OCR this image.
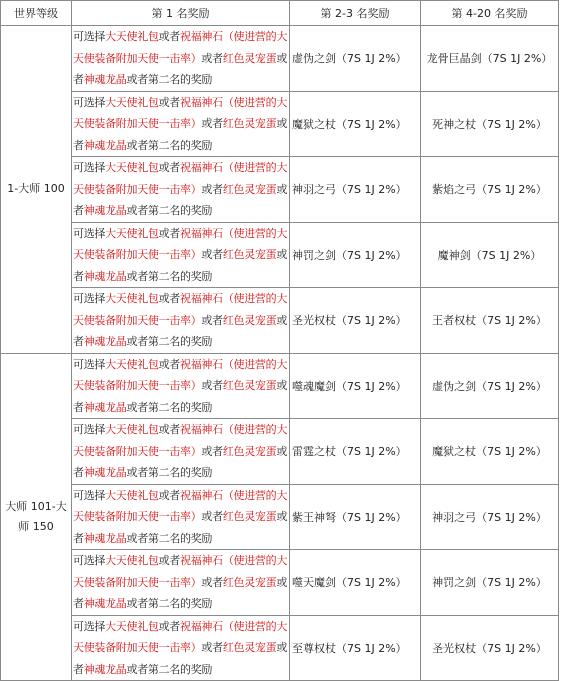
世界等级	第 1 名奖励	第 2-3 名奖励	第 4-20 名奖励
1-大师 100	可选择大天使礼包或者祝福神石（使进营的大天使装备附加天使一击率）或者红色灵宠蛋或者神魂龙晶或者第二名的奖励	虚伪之剑（7S 1J 2%）	龙骨巨晶剑（7S 1J 2%）
	可选择大天使礼包或者祝福神石（使进营的大天使装备附加天使一击率）或者红色灵宠蛋或者神魂龙晶或者第二名的奖励	魔狱之杖（7S 1J 2%）	死神之杖（7S 1J 2%）
	可选择大天使礼包或者祝福神石（使进营的大天使装备附加天使一击率）或者红色灵宠蛋或者神魂龙晶或者第二名的奖励	神羽之弓（7S 1J 2%）	紫焰之弓（7S 1J 2%）
	可选择大天使礼包或者祝福神石（使进营的大天使装备附加天使一击率）或者红色灵宠蛋或者神魂龙晶或者第二名的奖励	神罚之剑（7S 1J 2%）	魔神剑（7S 1J 2%）
	可选择大天使礼包或者祝福神石（使进营的大天使装备附加天使一击率）或者红色灵宠蛋或者神魂龙晶或者第二名的奖励	圣光权杖（7S 1J 2%）	王者权杖（7S 1J 2%）
大师 101-大师 150	可选择大天使礼包或者祝福神石（使进营的大天使装备附加天使一击率）或者红色灵宠蛋或者神魂龙晶或者第二名的奖励	噬魂魔剑（7S 1J 2%）	虚伪之剑（7S 1J 2%）
	可选择大天使礼包或者祝福神石（使进营的大天使装备附加天使一击率）或者红色灵宠蛋或者神魂龙晶或者第二名的奖励	雷霆之杖（7S 1J 2%）	魔狱之杖（7S 1J 2%）
	可选择大天使礼包或者祝福神石（使进营的大天使装备附加天使一击率）或者红色灵宠蛋或者神魂龙晶或者第二名的奖励	紫王神弩（7S 1J 2%）	神羽之弓（7S 1J 2%）
	可选择大天使礼包或者祝福神石（使进营的大天使装备附加天使一击率）或者红色灵宠蛋或者神魂龙晶或者第二名的奖励	噬天魔剑（7S 1J 2%）	神罚之剑（7S 1J 2%）
	可选择大天使礼包或者祝福神石（使进营的大天使装备附加天使一击率）或者红色灵宠蛋或者神魂龙晶或者第二名的奖励	至尊权杖（7S 1J 2%）	圣光权杖（7S 1J 2%）
